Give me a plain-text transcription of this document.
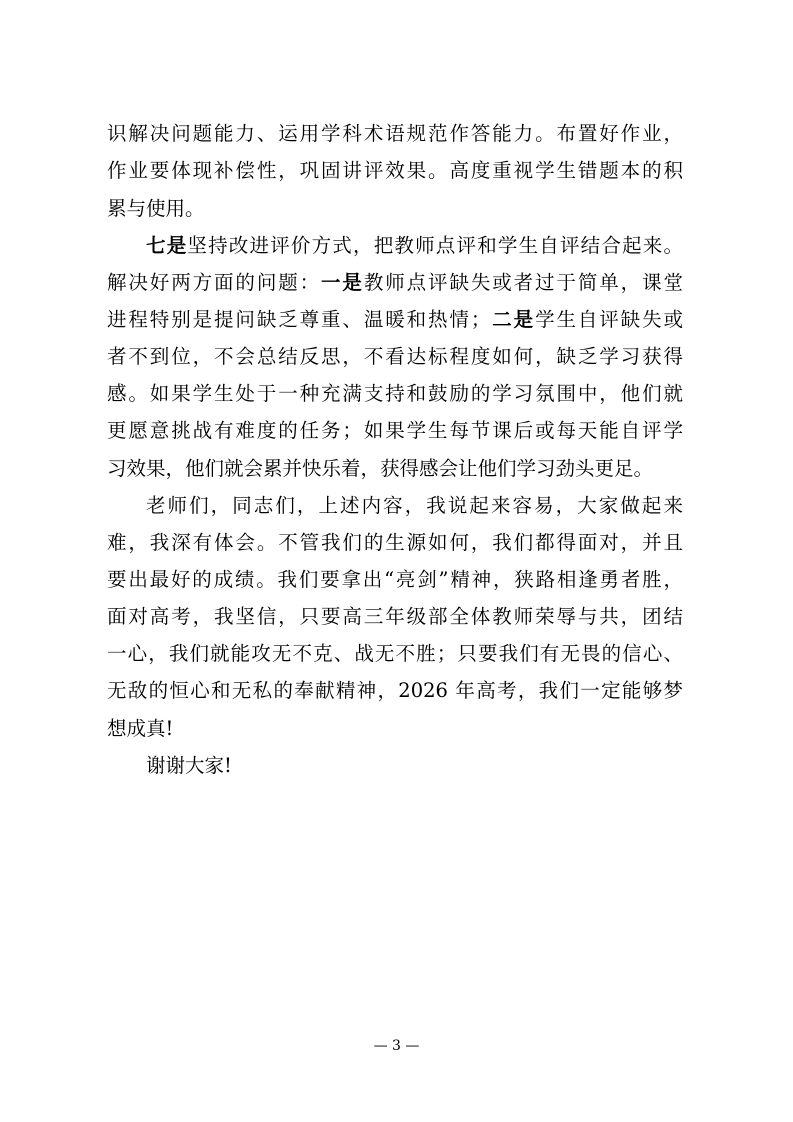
识解决问题能力、运用学科术语规范作答能力。布置好作业，
作业要体现补偿性，巩固讲评效果。高度重视学生错题本的积
累与使用。
七是坚持改进评价方式，把教师点评和学生自评结合起来。
解决好两方面的问题：一是教师点评缺失或者过于简单，课堂
进程特别是提问缺乏尊重、温暖和热情；二是学生自评缺失或
者不到位，不会总结反思，不看达标程度如何，缺乏学习获得
感。如果学生处于一种充满支持和鼓励的学习氛围中，他们就
更愿意挑战有难度的任务；如果学生每节课后或每天能自评学
习效果，他们就会累并快乐着，获得感会让他们学习劲头更足。
老师们，同志们，上述内容，我说起来容易，大家做起来
难，我深有体会。不管我们的生源如何，我们都得面对，并且
要出最好的成绩。我们要拿出“亮剑”精神，狭路相逢勇者胜，
面对高考，我坚信，只要高三年级部全体教师荣辱与共，团结
一心，我们就能攻无不克、战无不胜；只要我们有无畏的信心、
无敌的恒心和无私的奉献精神，2026 年高考，我们一定能够梦
想成真!
谢谢大家!
— 3 —
